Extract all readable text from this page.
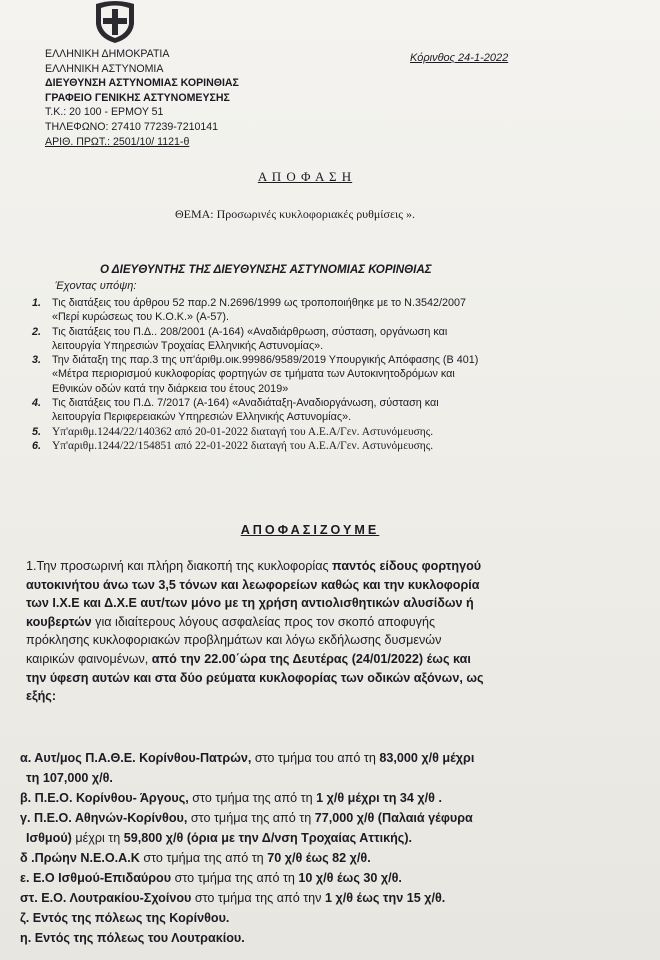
ΕΛΛΗΝΙΚΗ ΔΗΜΟΚΡΑΤΙΑ
ΕΛΛΗΝΙΚΗ ΑΣΤΥΝΟΜΙΑ
ΔΙΕΥΘΥΝΣΗ ΑΣΤΥΝΟΜΙΑΣ ΚΟΡΙΝΘΙΑΣ
ΓΡΑΦΕΙΟ ΓΕΝΙΚΗΣ ΑΣΤΥΝΟΜΕΥΣΗΣ
Τ.Κ.: 20 100 - ΕΡΜΟΥ 51
ΤΗΛΕΦΩΝΟ: 27410 77239-7210141
ΑΡΙΘ. ΠΡΩΤ.: 2501/10/ 1121-θ
Κόρινθος 24-1-2022
Α Π Ο Φ Α Σ Η
ΘΕΜΑ: Προσωρινές κυκλοφοριακές ρυθμίσεις ».
Ο ΔΙΕΥΘΥΝΤΗΣ ΤΗΣ ΔΙΕΥΘΥΝΣΗΣ ΑΣΤΥΝΟΜΙΑΣ ΚΟΡΙΝΘΙΑΣ
Έχοντας υπόψη:
1.	Τις διατάξεις του άρθρου 52 παρ.2 Ν.2696/1999 ως τροποποιήθηκε με το Ν.3542/2007
«Περί κυρώσεως του Κ.Ο.Κ.» (Α-57).
2.	Τις διατάξεις του Π.Δ.. 208/2001 (Α-164) «Αναδιάρθρωση, σύσταση, οργάνωση και
λειτουργία Υπηρεσιών Τροχαίας Ελληνικής Αστυνομίας».
3.	Την διάταξη της παρ.3 της υπ'άριθμ.οικ.99986/9589/2019 Υπουργικής Απόφασης (Β 401)
«Μέτρα περιορισμού κυκλοφορίας φορτηγών σε τμήματα των Αυτοκινητοδρόμων και
Εθνικών οδών κατά την διάρκεια του έτους 2019»
4.	Τις διατάξεις του Π.Δ. 7/2017 (Α-164) «Αναδιάταξη-Αναδιοργάνωση, σύσταση και
λειτουργία Περιφερειακών Υπηρεσιών Ελληνικής Αστυνομίας».
5. Υπ'αριθμ.1244/22/140362 από 20-01-2022 διαταγή του Α.Ε.Α/Γεν. Αστυνόμευσης.
6. Υπ'αριθμ.1244/22/154851 από 22-01-2022 διαταγή του Α.Ε.Α/Γεν. Αστυνόμευσης.
ΑΠΟΦΑΣΙΖΟΥΜΕ
1.Την προσωρινή και πλήρη διακοπή της κυκλοφορίας παντός είδους φορτηγού
αυτοκινήτου άνω των 3,5 τόνων και λεωφορείων καθώς και την κυκλοφορία
των Ι.Χ.Ε και Δ.Χ.Ε αυτ/των μόνο με τη χρήση αντιολισθητικών αλυσίδων ή
κουβερτών για ιδιαίτερους λόγους ασφαλείας προς τον σκοπό αποφυγής
πρόκλησης κυκλοφοριακών προβλημάτων και λόγω εκδήλωσης δυσμενών
καιρικών φαινομένων, από την 22.00΄ώρα της Δευτέρας (24/01/2022) έως και
την ύφεση αυτών και στα δύο ρεύματα κυκλοφορίας των οδικών αξόνων, ως
εξής:
α. Αυτ/μος Π.Α.Θ.Ε. Κορίνθου-Πατρών, στο τμήμα του από τη 83,000 χ/θ μέχρι
τη 107,000 χ/θ.
β. Π.Ε.Ο. Κορίνθου- Άργους, στο τμήμα της από τη 1 χ/θ μέχρι τη 34 χ/θ .
γ. Π.Ε.Ο. Αθηνών-Κορίνθου, στο τμήμα της από τη 77,000 χ/θ (Παλαιά γέφυρα
Ισθμού) μέχρι τη 59,800 χ/θ (όρια με την Δ/νση Τροχαίας Αττικής).
δ .Πρώην Ν.Ε.Ο.Α.Κ στο τμήμα της από τη 70 χ/θ έως 82 χ/θ.
ε. Ε.Ο Ισθμού-Επιδαύρου στο τμήμα της από τη 10 χ/θ έως 30 χ/θ.
στ. Ε.Ο. Λουτρακίου-Σχοίνου στο τμήμα της από την 1 χ/θ έως την 15 χ/θ.
ζ. Εντός της πόλεως της Κορίνθου.
η. Εντός της πόλεως του Λουτρακίου.
